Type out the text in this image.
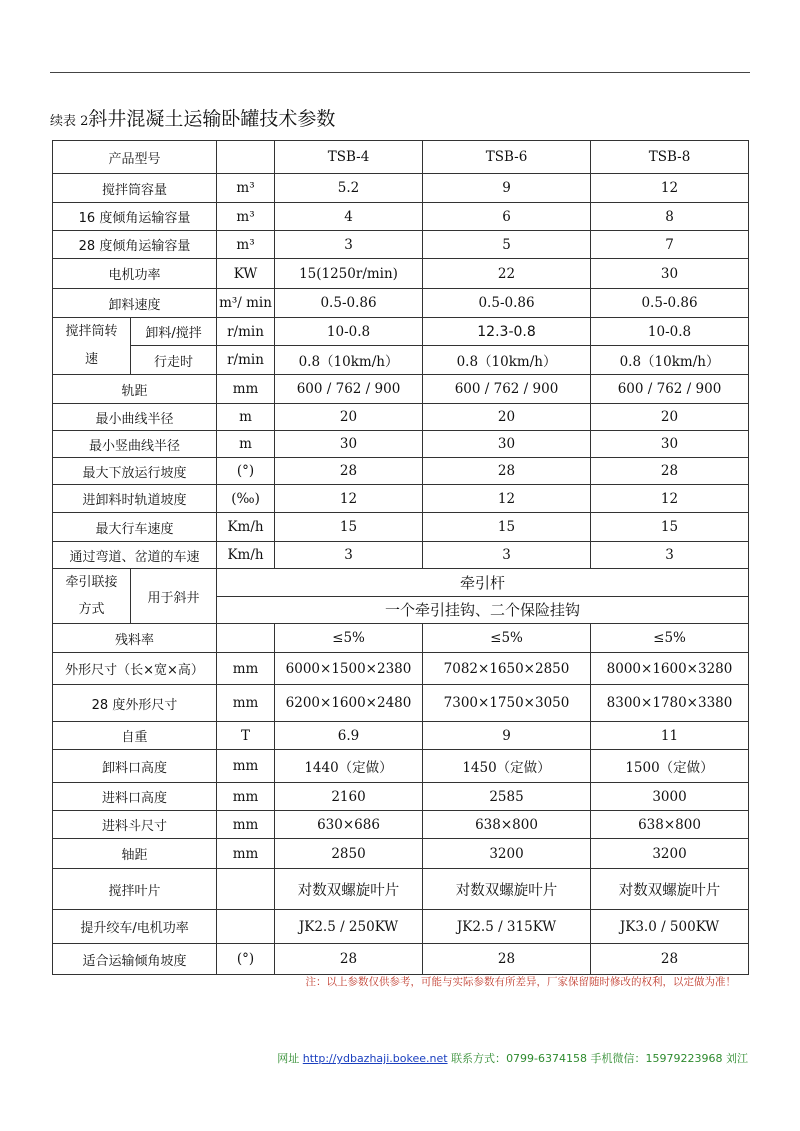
续表 2斜井混凝土运输卧罐技术参数
产品型号			TSB-4	TSB-6	TSB-8
搅拌筒容量		m³	5.2	9	12
16 度倾角运输容量		m³	4	6	8
28 度倾角运输容量		m³	3	5	7
电机功率		KW	15(1250r/min)	22	30
卸料速度		m³/ min	0.5-0.86	0.5-0.86	0.5-0.86
搅拌筒转速	卸料/搅拌	r/min	10-0.8	12.3-0.8	10-0.8
	行走时	r/min	0.8（10km/h）	0.8（10km/h）	0.8（10km/h）
轨距		mm	600 / 762 / 900	600 / 762 / 900	600 / 762 / 900
最小曲线半径		m	20	20	20
最小竖曲线半径		m	30	30	30
最大下放运行坡度		(°)	28	28	28
进卸料时轨道坡度		(‰)	12	12	12
最大行车速度		Km/h	15	15	15
通过弯道、岔道的车速		Km/h	3	3	3
牵引联接方式	用于斜井	牵引杆			
		一个牵引挂钩、二个保险挂钩			
残料率			≤5%	≤5%	≤5%
外形尺寸（长×宽×高）		mm	6000×1500×2380	7082×1650×2850	8000×1600×3280
28 度外形尺寸		mm	6200×1600×2480	7300×1750×3050	8300×1780×3380
自重		T	6.9	9	11
卸料口高度		mm	1440（定做）	1450（定做）	1500（定做）
进料口高度		mm	2160	2585	3000
进料斗尺寸		mm	630×686	638×800	638×800
轴距		mm	2850	3200	3200
搅拌叶片			对数双螺旋叶片	对数双螺旋叶片	对数双螺旋叶片
提升绞车/电机功率			JK2.5 / 250KW	JK2.5 / 315KW	JK3.0 / 500KW
适合运输倾角坡度		(°)	28	28	28
注：以上参数仅供参考，可能与实际参数有所差异，厂家保留随时修改的权利，以定做为准！
网址 http://ydbazhaji.bokee.net 联系方式：0799-6374158 手机微信：15979223968 刘江
